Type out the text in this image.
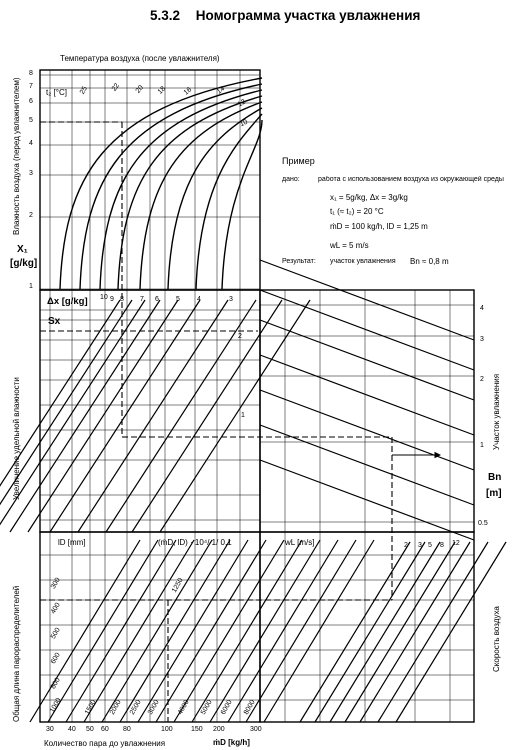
5.3.2 Номограмма участка увлажнения
Температура воздуха (после увлажнителя)
t₂ [°C] 25	22 20 18 16	14
12
10
Влажность воздуха (перед увлажнителем)
X₁
[g/kg]
8
7
6
5
4
3
2
1
Пример
дано:	работа с использованием воздуха из окружающей среды
x₁ = 5g/kg, Δx = 3g/kg
t₁ (≈ t₂) = 20 °C
ṁD = 100 kg/h, lD = 1,25 m
wL = 5 m/s
Результат: участок увлажнения Bn ≈ 0,8 m
Δx [g/kg] 10 9 8 7 6 5 4	3
2
1
Sx
Увеличение удельной влажности	Участок увлажнения
Bn
[m]
4
3
2
1
0.5
lD [mm]	(ṁD, lD) · 10⁴/ 1/ 0,1	wL [m/s]
300
400
500
600
800
1000
1250
1500 2000 2500 3000 4000 5000 6000 8000
2 3 5 8 12
Общая длина парораспределителей	Скорость воздуха
30 40 50 60 80	100	150 200	300
Количество пара до увлажнения	ṁD [kg/h]
